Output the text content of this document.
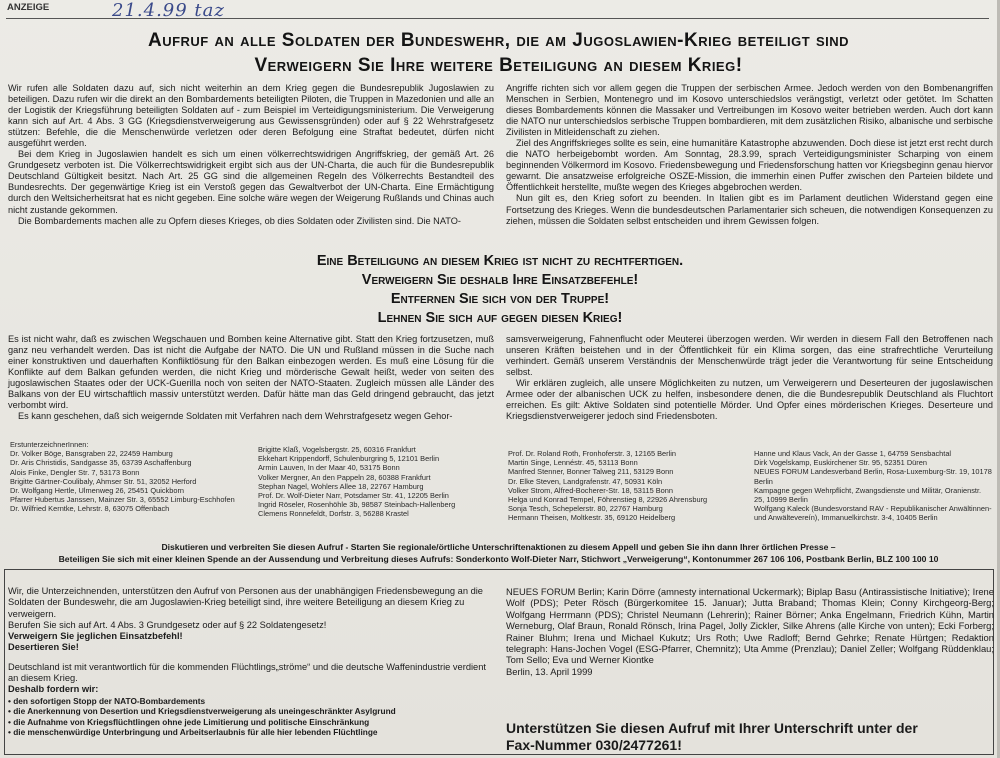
ANZEIGE	21.4.99 taz
Aufruf an alle Soldaten der Bundeswehr, die am Jugoslawien-Krieg beteiligt sind
Verweigern Sie Ihre weitere Beteiligung an diesem Krieg!

Wir rufen alle Soldaten dazu auf, sich nicht weiterhin an dem Krieg gegen die Bundesrepublik Jugoslawien zu beteiligen. Dazu rufen wir die direkt an den Bombardements beteiligten Piloten, die Truppen in Mazedonien und alle an der Logistik der Kriegsführung beteiligten Soldaten auf - zum Beispiel im Verteidigungsministerium. Die Verweigerung kann sich auf Art. 4 Abs. 3 GG (Kriegsdienstverweigerung aus Gewissensgründen) oder auf § 22 Wehrstrafgesetz stützen: Befehle, die die Menschenwürde verletzen oder deren Befolgung eine Straftat bedeutet, dürfen nicht ausgeführt werden.

Bei dem Krieg in Jugoslawien handelt es sich um einen völkerrechtswidrigen Angriffskrieg, der gemäß Art. 26 Grundgesetz verboten ist. Die Völkerrechtswidrigkeit ergibt sich aus der UN-Charta, die auch für die Bundesrepublik Deutschland Gültigkeit besitzt. Nach Art. 25 GG sind die allgemeinen Regeln des Völkerrechts Bestandteil des Bundesrechts. Der gegenwärtige Krieg ist ein Verstoß gegen das Gewaltverbot der UN-Charta. Eine Ermächtigung durch den Weltsicherheitsrat hat es nicht gegeben. Eine solche wäre wegen der Weigerung Rußlands und Chinas auch nicht zustande gekommen.

Die Bombardements machen alle zu Opfern dieses Krieges, ob dies Soldaten oder Zivilisten sind. Die NATO-

Angriffe richten sich vor allem gegen die Truppen der serbischen Armee. Jedoch werden von den Bombenangriffen Menschen in Serbien, Montenegro und im Kosovo unterschiedslos verängstigt, verletzt oder getötet. Im Schatten dieses Bombardements können die Massaker und Vertreibungen im Kosovo weiter betrieben werden. Auch dort kann die NATO nur unterschiedslos serbische Truppen bombardieren, mit dem zusätzlichen Risiko, albanische und serbische Zivilisten in Mitleidenschaft zu ziehen.

Ziel des Angriffskrieges sollte es sein, eine humanitäre Katastrophe abzuwenden. Doch diese ist jetzt erst recht durch die NATO herbeigebombt worden. Am Sonntag, 28.3.99, sprach Verteidigungsminister Scharping von einem beginnenden Völkermord im Kosovo. Friedensbewegung und Friedensforschung hatten vor Kriegsbeginn genau hiervor gewarnt. Die ansatzweise erfolgreiche OSZE-Mission, die immerhin einen Puffer zwischen den Parteien bildete und Öffentlichkeit herstellte, mußte wegen des Krieges abgebrochen werden.

Nun gilt es, den Krieg sofort zu beenden. In Italien gibt es im Parlament deutlichen Widerstand gegen eine Fortsetzung des Krieges. Wenn die bundesdeutschen Parlamentarier sich scheuen, die notwendigen Konsequenzen zu ziehen, müssen die Soldaten selbst entscheiden und ihrem Gewissen folgen.

Eine Beteiligung an diesem Krieg ist nicht zu rechtfertigen.
Verweigern Sie deshalb Ihre Einsatzbefehle!
Entfernen Sie sich von der Truppe!
Lehnen Sie sich auf gegen diesen Krieg!

Es ist nicht wahr, daß es zwischen Wegschauen und Bomben keine Alternative gibt. Statt den Krieg fortzusetzen, muß ganz neu verhandelt werden. Das ist nicht die Aufgabe der NATO. Die UN und Rußland müssen in die Suche nach einer konstruktiven und dauerhaften Konfliktlösung für den Balkan einbezogen werden. Es muß eine Lösung für die Konflikte auf dem Balkan gefunden werden, die nicht Krieg und mörderische Gewalt heißt, weder von seiten des jugoslawischen Staates oder der UCK-Guerilla noch von seiten der NATO-Staaten. Zugleich müssen alle Länder des Balkans von der EU wirtschaftlich massiv unterstützt werden. Dafür hätte man das Geld dringend gebraucht, das jetzt verbombt wird.

Es kann geschehen, daß sich weigernde Soldaten mit Verfahren nach dem Wehrstrafgesetz wegen Gehor-

samsverweigerung, Fahnenflucht oder Meuterei überzogen werden. Wir werden in diesem Fall den Betroffenen nach unseren Kräften beistehen und in der Öffentlichkeit für ein Klima sorgen, das eine strafrechtliche Verurteilung verhindert. Gemäß unserem Verständnis der Menschenwürde trägt jeder die Verantwortung für seine Entscheidung selbst.

Wir erklären zugleich, alle unsere Möglichkeiten zu nutzen, um Verweigerern und Deserteuren der jugoslawischen Armee oder der albanischen UCK zu helfen, insbesondere denen, die die Bundesrepublik Deutschland als Fluchtort erreichen. Es gilt: Aktive Soldaten sind potentielle Mörder. Und Opfer eines mörderischen Krieges. Deserteure und Kriegsdienstverweigerer jedoch sind Friedensboten.

ErstunterzeichnerInnen:
Dr. Volker Böge, Bansgraben 22, 22459 Hamburg
Dr. Aris Christidis, Sandgasse 35, 63739 Aschaffenburg
Alois Finke, Dengler Str. 7, 53173 Bonn
Brigitte Gärtner-Coulibaly, Ahmser Str. 51, 32052 Herford
Dr. Wolfgang Hertle, Ulmenweg 26, 25451 Quickborn
Pfarrer Hubertus Janssen, Mainzer Str. 3, 65552 Limburg-Eschhofen
Dr. Wilfried Kerntke, Lehrstr. 8, 63075 Offenbach
Brigitte Klaß, Vogelsbergstr. 25, 60316 Frankfurt
Ekkehart Krippendorff, Schulenburgring 5, 12101 Berlin
Armin Lauven, In der Maar 40, 53175 Bonn
Volker Mergner, An den Pappeln 28, 60388 Frankfurt
Stephan Nagel, Wohlers Allee 18, 22767 Hamburg
Prof. Dr. Wolf-Dieter Narr, Potsdamer Str. 41, 12205 Berlin
Ingrid Röseler, Rosenhöhle 3b, 98587 Steinbach-Hallenberg
Clemens Ronnefeldt, Dorfstr. 3, 56288 Krastel
Prof. Dr. Roland Roth, Fronhoferstr. 3, 12165 Berlin
Martin Singe, Lennéstr. 45, 53113 Bonn
Manfred Stenner, Bonner Talweg 211, 53129 Bonn
Dr. Elke Steven, Landgrafenstr. 47, 50931 Köln
Volker Strom, Alfred-Bocherer-Str. 18, 53115 Bonn
Helga und Konrad Tempel, Föhrenstieg 8, 22926 Ahrensburg
Sonja Tesch, Schepelerstr. 80, 22767 Hamburg
Hermann Theisen, Moltkestr. 35, 69120 Heidelberg
Hanne und Klaus Vack, An der Gasse 1, 64759 Sensbachtal
Dirk Vogelskamp, Euskirchener Str. 95, 52351 Düren
NEUES FORUM Landesverband Berlin, Rosa-Luxemburg-Str. 19, 10178 Berlin
Kampagne gegen Wehrpflicht, Zwangsdienste und Militär, Oranienstr. 25, 10999 Berlin
Wolfgang Kaleck (Bundesvorstand RAV - Republikanischer Anwältinnen- und Anwältevereín), Immanuelkirchstr. 3-4, 10405 Berlin
Diskutieren und verbreiten Sie diesen Aufruf - Starten Sie regionale/örtliche Unterschriftenaktionen zu diesem Appell und geben Sie ihn dann Ihrer örtlichen Presse –
Beteiligen Sie sich mit einer kleinen Spende an der Aussendung und Verbreitung dieses Aufrufs: Sonderkonto Wolf-Dieter Narr, Stichwort „Verweigerung“, Kontonummer 267 106 106, Postbank Berlin, BLZ 100 100 10
Wir, die Unterzeichnenden, unterstützen den Aufruf von Personen aus der unabhängigen Friedensbewegung an die Soldaten der Bundeswehr, die am Jugoslawien-Krieg beteiligt sind, ihre weitere Beteiligung an diesem Krieg zu verweigern.
Berufen Sie sich auf Art. 4 Abs. 3 Grundgesetz oder auf § 22 Soldatengesetz!
Verweigern Sie jeglichen Einsatzbefehl!
Desertieren Sie!
Deutschland ist mit verantwortlich für die kommenden Flüchtlings„ströme“ und die deutsche Waffenindustrie verdient an diesem Krieg.
Deshalb fordern wir:
• den sofortigen Stopp der NATO-Bombardements
• die Anerkennung von Desertion und Kriegsdienstverweigerung als uneingeschränkter Asylgrund
• die Aufnahme von Kriegsflüchtlingen ohne jede Limitierung und politische Einschränkung
• die menschenwürdige Unterbringung und Arbeitserlaubnis für alle hier lebenden Flüchtlinge
NEUES FORUM Berlin; Karin Dörre (amnesty international Uckermark); Biplap Basu (Antirassistische Initiative); Irene Wolf (PDS); Peter Rösch (Bürgerkomitee 15. Januar); Jutta Braband; Thomas Klein; Conny Kirchgeorg-Berg; Wolfgang Herrmann (PDS); Christel Neumann (Lehrerin); Rainer Börner; Anka Engelmann, Friedrich Kühn, Martin Werneburg, Olaf Braun, Ronald Rönsch, Irina Pagel, Jolly Zickler, Silke Ahrens (alle Kirche von unten); Ecki Forberg; Rainer Bluhm; Irena und Michael Kukutz; Urs Roth; Uwe Radloff; Bernd Gehrke; Renate Hürtgen; Redaktion telegraph: Hans-Jochen Vogel (ESG-Pfarrer, Chemnitz); Uta Amme (Prenzlau); Daniel Zeller; Wolfgang Rüddenklau; Tom Sello; Eva und Werner Kiontke
Berlin, 13. April 1999
Unterstützen Sie diesen Aufruf mit Ihrer Unterschrift unter der
Fax-Nummer 030/2477261!
